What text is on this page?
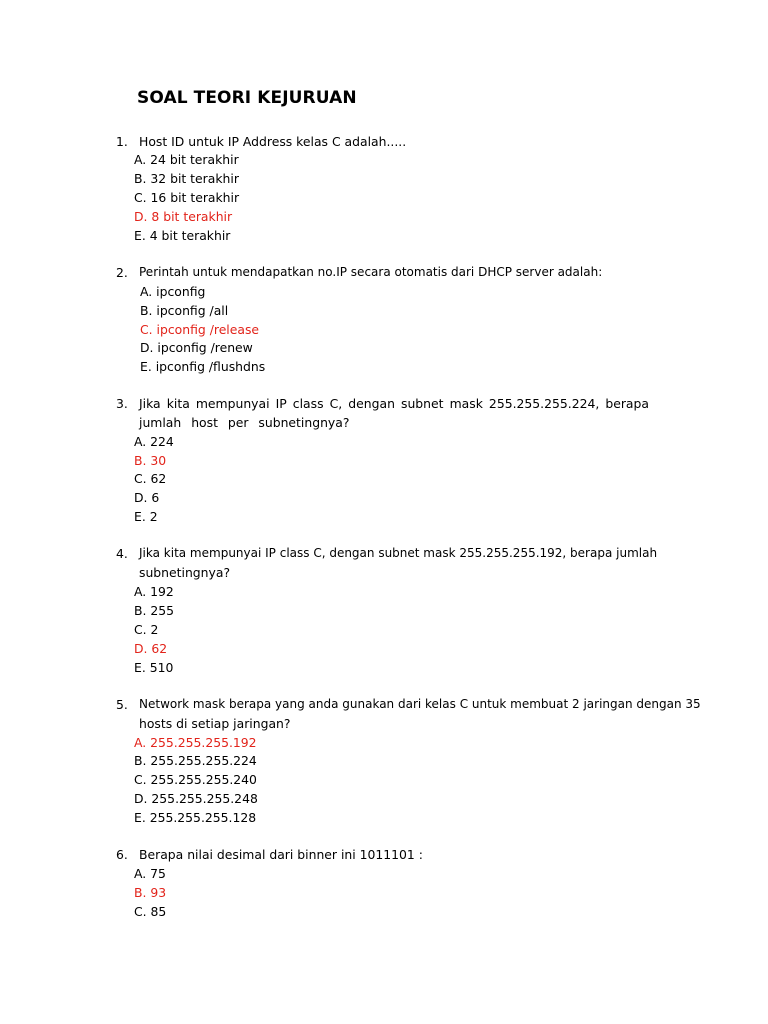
SOAL TEORI KEJURUAN
1. Host ID untuk IP Address kelas C adalah.....
A. 24 bit terakhir
B. 32 bit terakhir
C. 16 bit terakhir
D. 8 bit terakhir
E. 4 bit terakhir
2. Perintah untuk mendapatkan no.IP secara otomatis dari DHCP server adalah:
A. ipconfig
B. ipconfig /all
C. ipconfig /release
D. ipconfig /renew
E. ipconfig /flushdns
3. Jika kita mempunyai IP class C, dengan subnet mask 255.255.255.224, berapa
jumlah host per subnetingnya?
A. 224
B. 30
C. 62
D. 6
E. 2
4. Jika kita mempunyai IP class C, dengan subnet mask 255.255.255.192, berapa jumlah
subnetingnya?
A. 192
B. 255
C. 2
D. 62
E. 510
5. Network mask berapa yang anda gunakan dari kelas C untuk membuat 2 jaringan dengan 35
hosts di setiap jaringan?
A. 255.255.255.192
B. 255.255.255.224
C. 255.255.255.240
D. 255.255.255.248
E. 255.255.255.128
6. Berapa nilai desimal dari binner ini 1011101 :
A. 75
B. 93
C. 85
